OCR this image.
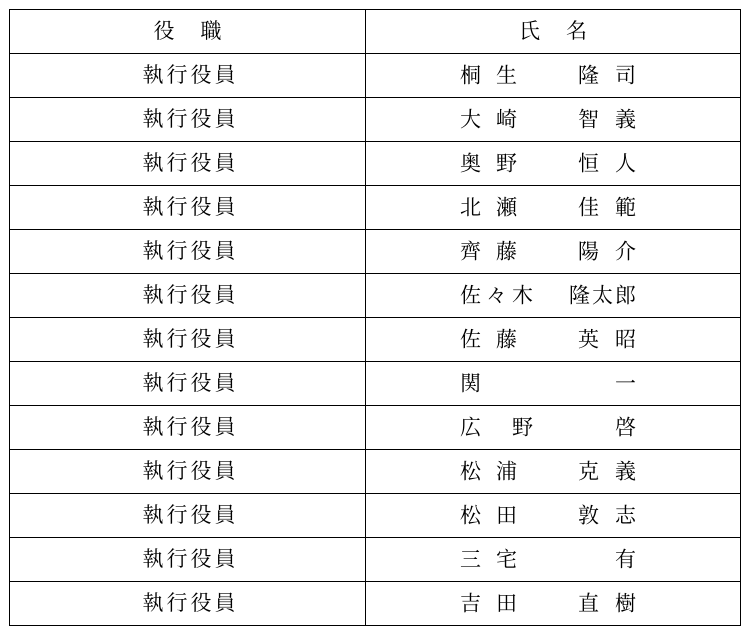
役 職	氏 名
執行役員	桐 生 隆 司

執行役員	大 崎 智 義

執行役員	奥 野 恒 人

執行役員	北 瀬 佳 範

執行役員	齊 藤 陽 介

執行役員	佐 々 木 隆太郎

執行役員	佐 藤 英 昭

執行役員	関 一

執行役員	広 野 啓

執行役員	松 浦 克 義

執行役員	松 田 敦 志

執行役員	三 宅 有

執行役員	吉 田 直 樹
